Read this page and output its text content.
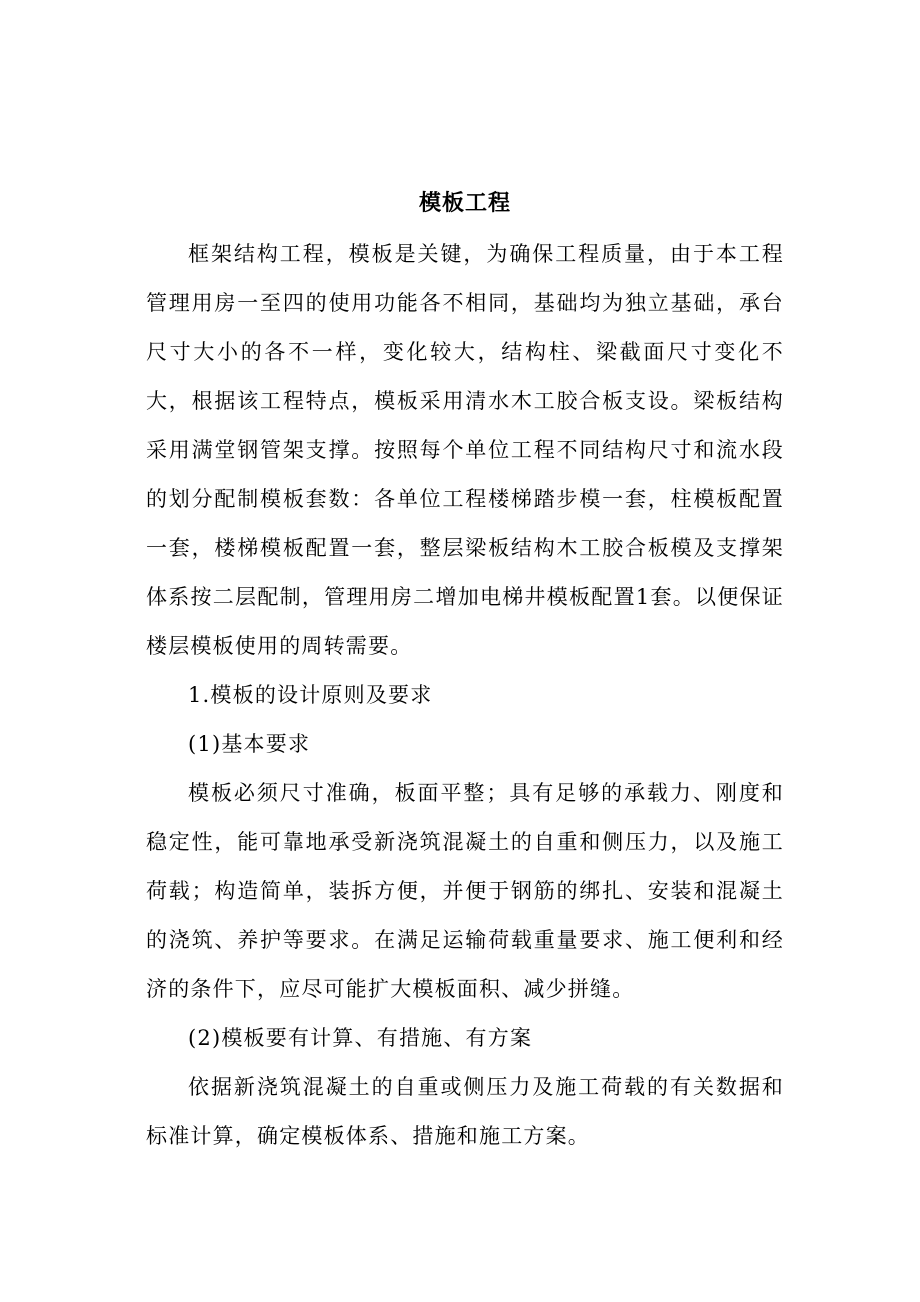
模板工程

框架结构工程，模板是关键，为确保工程质量，由于本工程管理用房一至四的使用功能各不相同，基础均为独立基础，承台尺寸大小的各不一样，变化较大，结构柱、梁截面尺寸变化不大，根据该工程特点，模板采用清水木工胶合板支设。梁板结构采用满堂钢管架支撑。按照每个单位工程不同结构尺寸和流水段的划分配制模板套数：各单位工程楼梯踏步模一套，柱模板配置一套，楼梯模板配置一套，整层梁板结构木工胶合板模及支撑架体系按二层配制，管理用房二增加电梯井模板配置1套。以便保证楼层模板使用的周转需要。

1.模板的设计原则及要求

(1)基本要求

模板必须尺寸准确，板面平整；具有足够的承载力、刚度和稳定性，能可靠地承受新浇筑混凝土的自重和侧压力，以及施工荷载；构造简单，装拆方便，并便于钢筋的绑扎、安装和混凝土的浇筑、养护等要求。在满足运输荷载重量要求、施工便利和经济的条件下，应尽可能扩大模板面积、减少拼缝。

(2)模板要有计算、有措施、有方案

依据新浇筑混凝土的自重或侧压力及施工荷载的有关数据和标准计算，确定模板体系、措施和施工方案。
